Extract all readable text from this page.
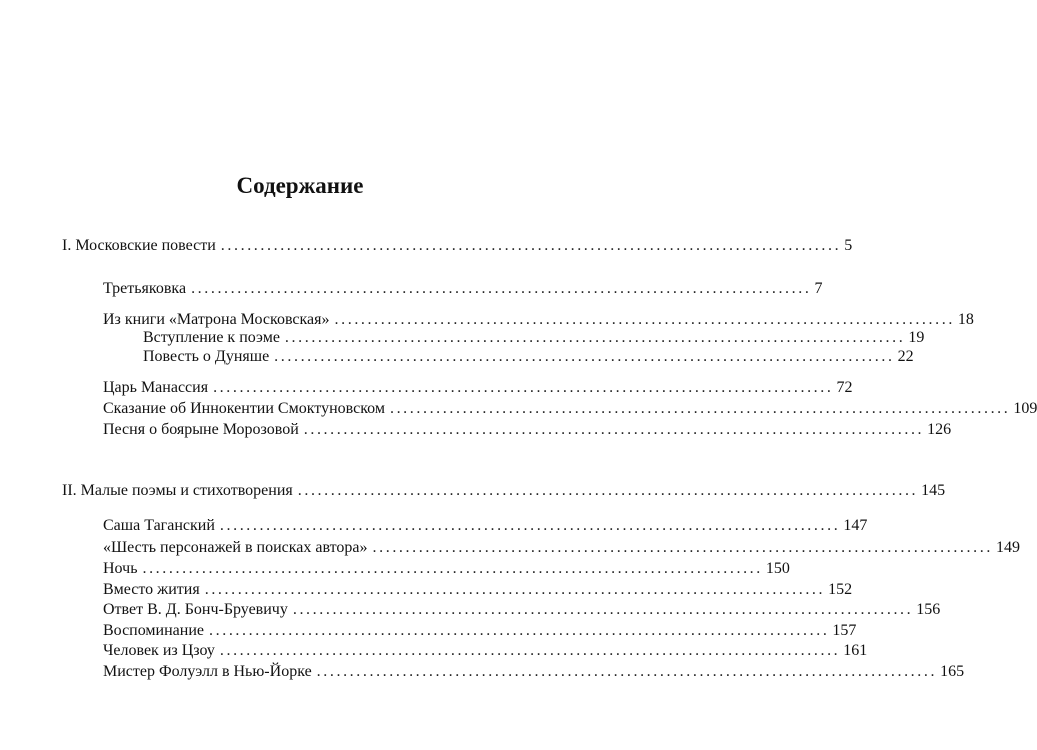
Содержание
I. Московские повести .............................................................................................. 5
Третьяковка .............................................................................................. 7
Из книги «Матрона Московская» .............................................................................................. 18
Вступление к поэме .............................................................................................. 19
Повесть о Дуняше .............................................................................................. 22
Царь Манассия .............................................................................................. 72
Сказание об Иннокентии Смоктуновском .............................................................................................. 109
Песня о боярыне Морозовой .............................................................................................. 126
II. Малые поэмы и стихотворения .............................................................................................. 145
Саша Таганский .............................................................................................. 147
«Шесть персонажей в поисках автора» .............................................................................................. 149
Ночь .............................................................................................. 150
Вместо жития .............................................................................................. 152
Ответ В. Д. Бонч-Бруевичу .............................................................................................. 156
Воспоминание .............................................................................................. 157
Человек из Цзоу .............................................................................................. 161
Мистер Фолуэлл в Нью-Йорке .............................................................................................. 165
